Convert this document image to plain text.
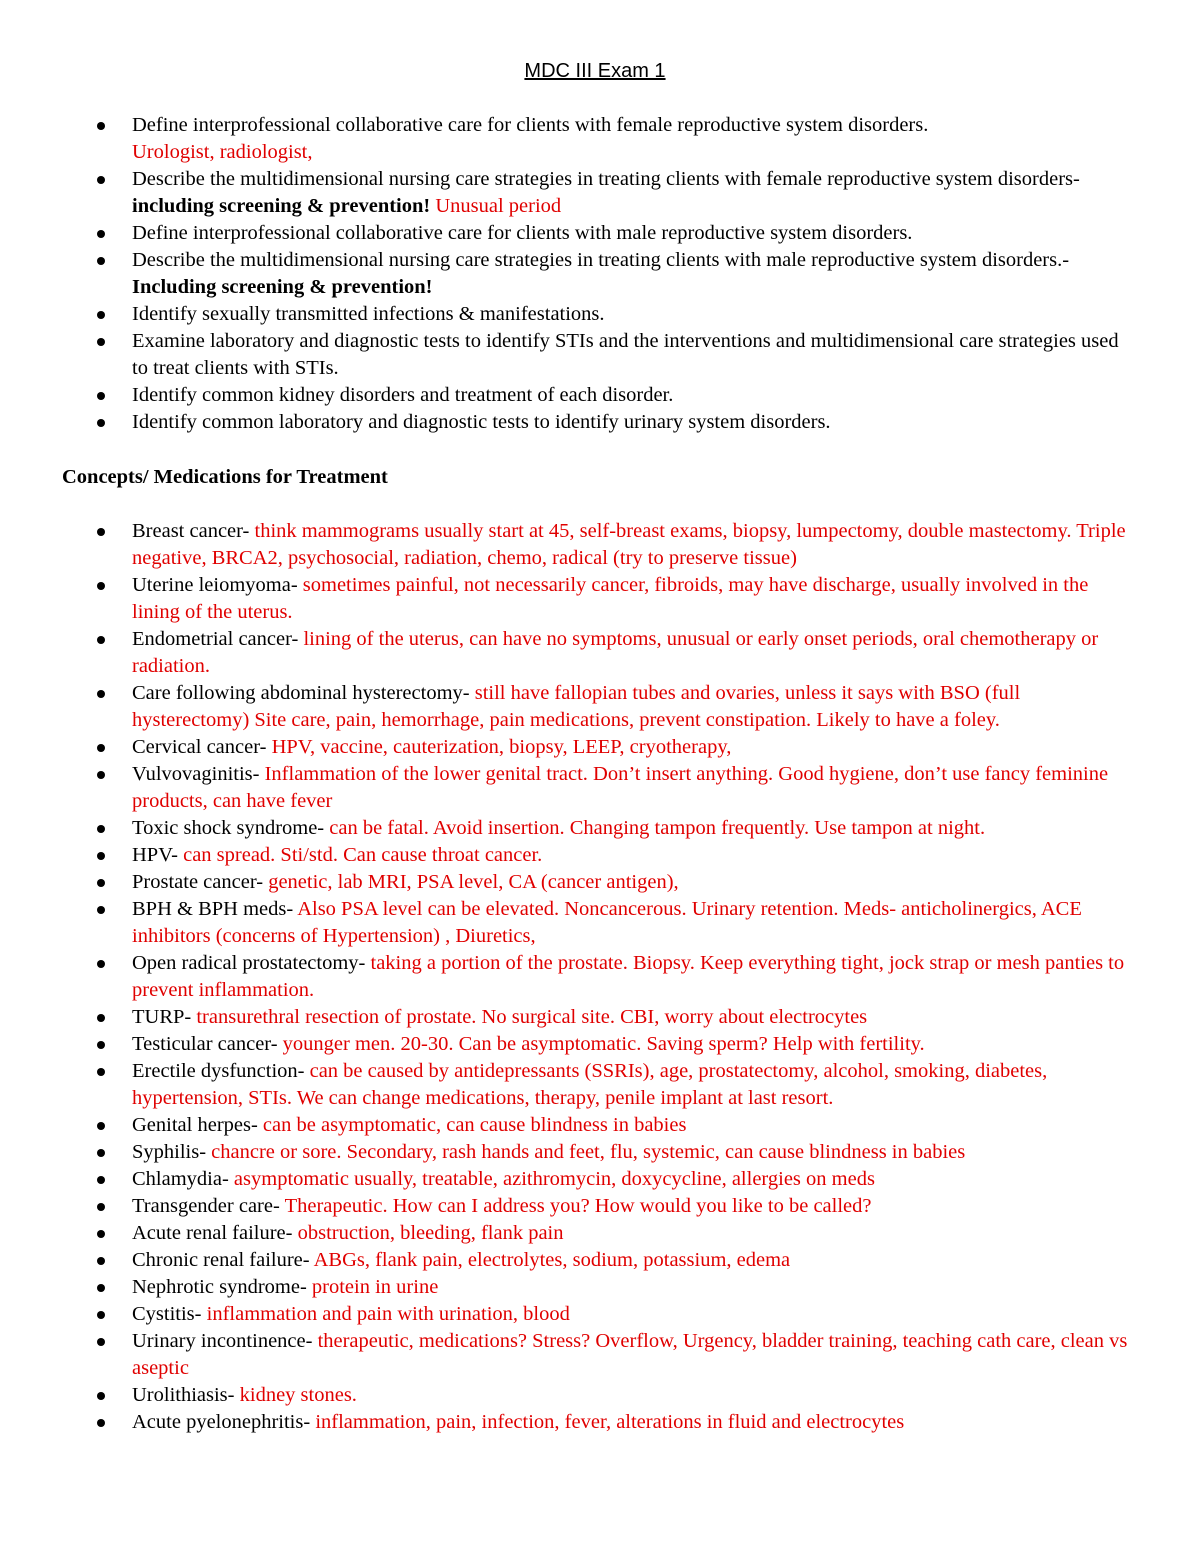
MDC III Exam 1
Define interprofessional collaborative care for clients with female reproductive system disorders.
Urologist, radiologist,
Describe the multidimensional nursing care strategies in treating clients with female reproductive system disorders-including screening & prevention! Unusual period
Define interprofessional collaborative care for clients with male reproductive system disorders.
Describe the multidimensional nursing care strategies in treating clients with male reproductive system disorders.-Including screening & prevention!
Identify sexually transmitted infections & manifestations.
Examine laboratory and diagnostic tests to identify STIs and the interventions and multidimensional care strategies used to treat clients with STIs.
Identify common kidney disorders and treatment of each disorder.
Identify common laboratory and diagnostic tests to identify urinary system disorders.
Concepts/ Medications for Treatment
Breast cancer- think mammograms usually start at 45, self-breast exams, biopsy, lumpectomy, double mastectomy. Triple negative, BRCA2, psychosocial, radiation, chemo, radical (try to preserve tissue)
Uterine leiomyoma- sometimes painful, not necessarily cancer, fibroids, may have discharge, usually involved in the lining of the uterus.
Endometrial cancer- lining of the uterus, can have no symptoms, unusual or early onset periods, oral chemotherapy or radiation.
Care following abdominal hysterectomy- still have fallopian tubes and ovaries, unless it says with BSO (full hysterectomy) Site care, pain, hemorrhage, pain medications, prevent constipation. Likely to have a foley.
Cervical cancer- HPV, vaccine, cauterization, biopsy, LEEP, cryotherapy,
Vulvovaginitis- Inflammation of the lower genital tract. Don’t insert anything. Good hygiene, don’t use fancy feminine products, can have fever
Toxic shock syndrome- can be fatal. Avoid insertion. Changing tampon frequently. Use tampon at night.
HPV- can spread. Sti/std. Can cause throat cancer.
Prostate cancer- genetic, lab MRI, PSA level, CA (cancer antigen),
BPH & BPH meds- Also PSA level can be elevated. Noncancerous. Urinary retention. Meds- anticholinergics, ACE inhibitors (concerns of Hypertension) , Diuretics,
Open radical prostatectomy- taking a portion of the prostate. Biopsy. Keep everything tight, jock strap or mesh panties to prevent inflammation.
TURP- transurethral resection of prostate. No surgical site. CBI, worry about electrocytes
Testicular cancer- younger men. 20-30. Can be asymptomatic. Saving sperm? Help with fertility.
Erectile dysfunction- can be caused by antidepressants (SSRIs), age, prostatectomy, alcohol, smoking, diabetes, hypertension, STIs. We can change medications, therapy, penile implant at last resort.
Genital herpes- can be asymptomatic, can cause blindness in babies
Syphilis- chancre or sore. Secondary, rash hands and feet, flu, systemic, can cause blindness in babies
Chlamydia- asymptomatic usually, treatable, azithromycin, doxycycline, allergies on meds
Transgender care- Therapeutic. How can I address you? How would you like to be called?
Acute renal failure- obstruction, bleeding, flank pain
Chronic renal failure- ABGs, flank pain, electrolytes, sodium, potassium, edema
Nephrotic syndrome- protein in urine
Cystitis- inflammation and pain with urination, blood
Urinary incontinence- therapeutic, medications? Stress? Overflow, Urgency, bladder training, teaching cath care, clean vs aseptic
Urolithiasis- kidney stones.
Acute pyelonephritis- inflammation, pain, infection, fever, alterations in fluid and electrocytes
